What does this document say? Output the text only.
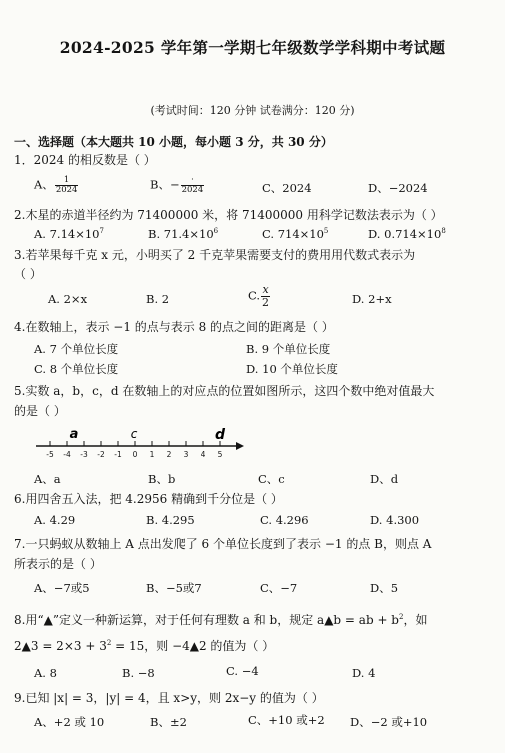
2024-2025 学年第一学期七年级数学学科期中考试题
(考试时间：120 分钟 试卷满分：120 分)
一、选择题（本大题共 10 小题，每小题 3 分，共 30 分）
1．2024 的相反数是（ ）
A、 $\frac{1}{2024}$	B、− $\frac{\cdot}{2024}$	C、2024	D、−2024
2.木星的赤道半径约为 71400000 米，将 71400000 用科学记数法表示为（ ）
A. $7.14\times 10^7$	B. $71.4\times 10^6$	C. $714\times 10^5$	D. $0.714\times 10^8$
3.若苹果每千克 x 元，小明买了 2 千克苹果需要支付的费用用代数式表示为
（ ）
A. 2×x	B. 2	C. $\frac{x}{2}$	D. 2+x
4.在数轴上，表示 −1 的点与表示 8 的点之间的距离是（ ）
A. 7 个单位长度	B. 9 个单位长度
C. 8 个单位长度	D. 10 个单位长度
5.实数 a，b，c，d 在数轴上的对应点的位置如图所示，这四个数中绝对值最大
的是（ ）
-5 -4 -3 -2 -1 0 1 2 3 4 5
a	c	d
A、a	B、b	C、c	D、d
6.用四舍五入法，把 4.2956 精确到千分位是（ ）
A. 4.29	B. 4.295	C. 4.296	D. 4.300
7.一只蚂蚁从数轴上 A 点出发爬了 6 个单位长度到了表示 −1 的点 B，则点 A
所表示的是（ ）
A、−7或5	B、−5或7	C、−7	D、5
8.用“▲”定义一种新运算，对于任何有理数 a 和 b，规定 a▲b = ab + $b^2$，如
2▲3 = $2\times 3 + 3^2 = 15$，则 −4▲2 的值为（ ）
A. 8	B. −8	C. −4	D. 4
9.已知 |x| = 3，|y| = 4，且 x>y，则 2x−y 的值为（ ）
A、+2 或 10	B、±2	C、+10 或+2 D、−2 或+10
